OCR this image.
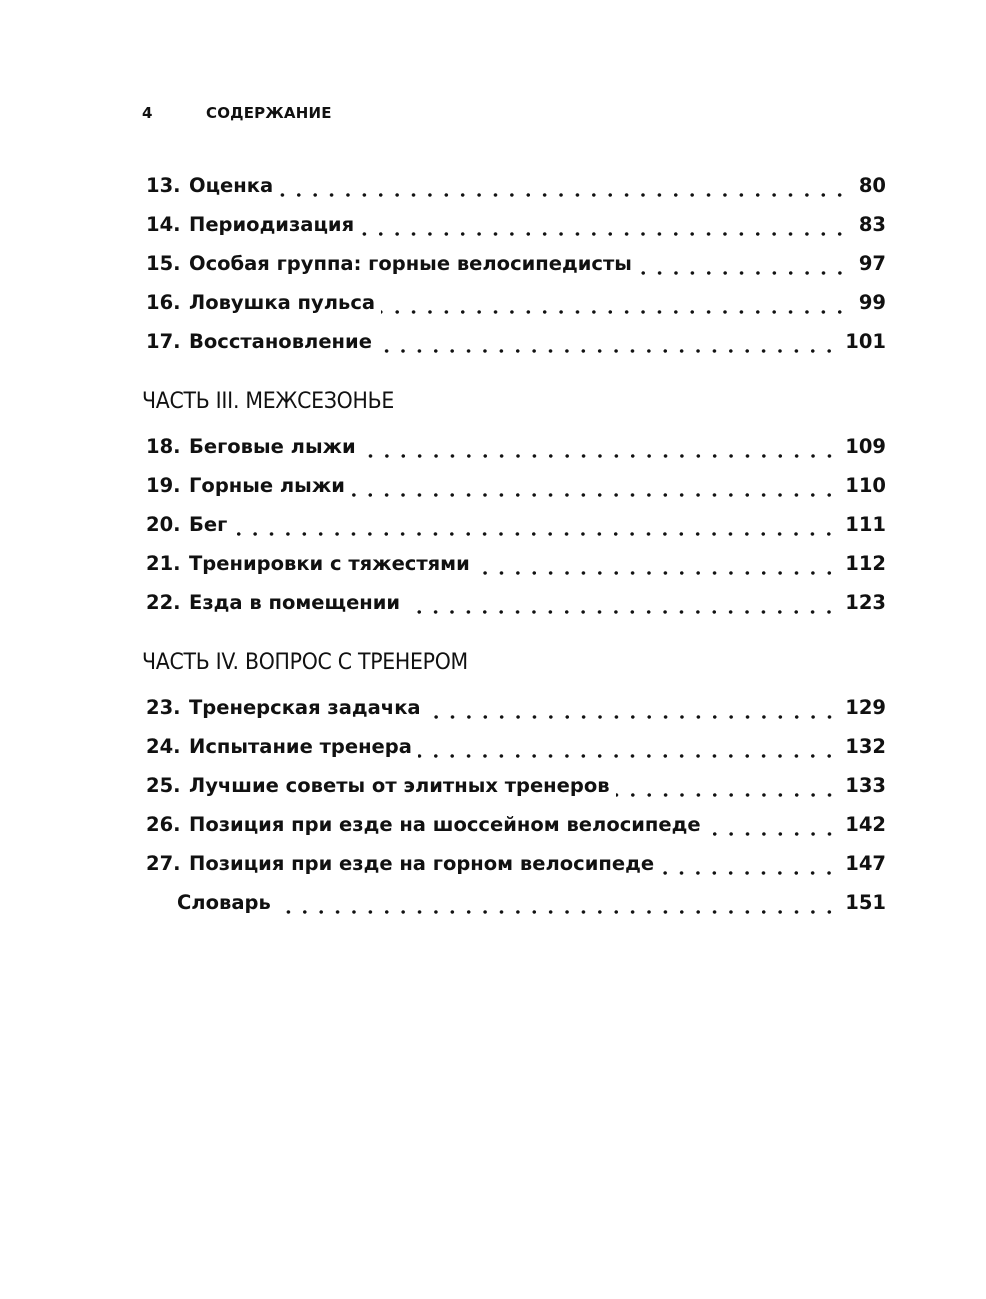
4	СОДЕРЖАНИЕ
13. Оценка	80
14. Периодизация	83
15. Особая группа: горные велосипедисты	97
16. Ловушка пульса	99
17. Восстановление	101
ЧАСТЬ III. МЕЖСЕЗОНЬЕ
18. Беговые лыжи	109
19. Горные лыжи	110
20. Бег	111
21. Тренировки с тяжестями	112
22. Езда в помещении	123
ЧАСТЬ IV. ВОПРОС С ТРЕНЕРОМ
23. Тренерская задачка	129
24. Испытание тренера	132
25. Лучшие советы от элитных тренеров	133
26. Позиция при езде на шоссейном велосипеде	142
27. Позиция при езде на горном велосипеде	147
Словарь	151
